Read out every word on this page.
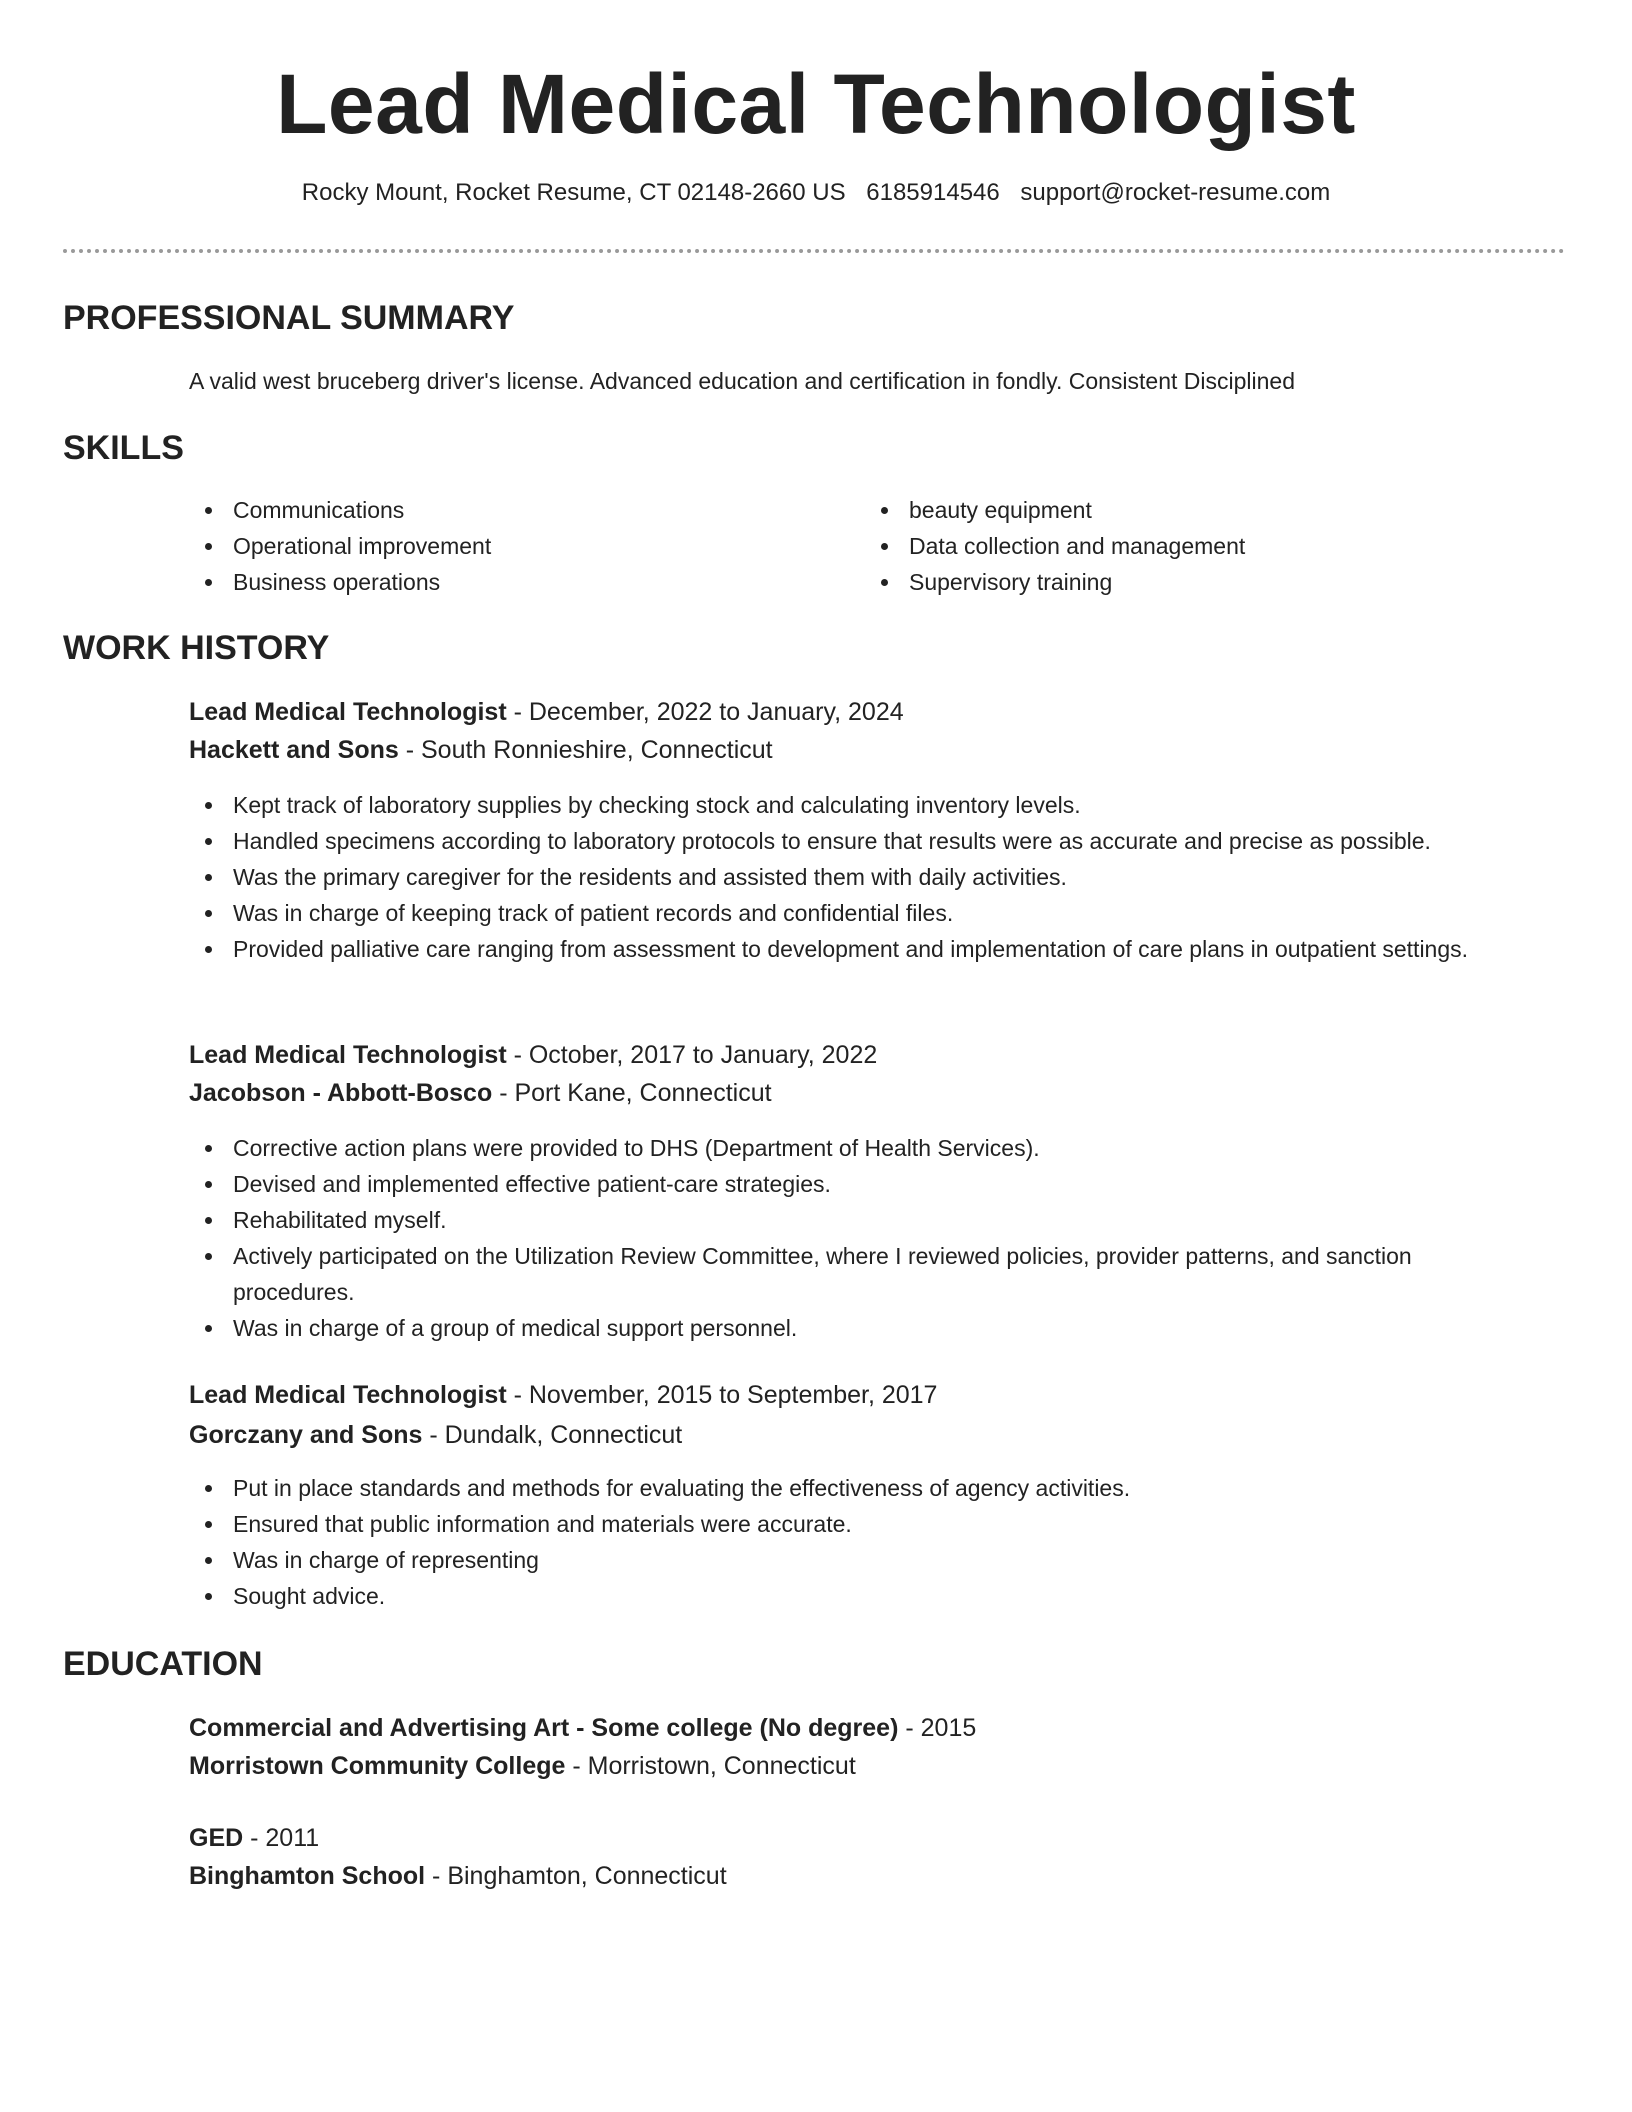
Lead Medical Technologist
Rocky Mount, Rocket Resume, CT 02148-2660 US 6185914546 support@rocket-resume.com
PROFESSIONAL SUMMARY
A valid west bruceberg driver's license. Advanced education and certification in fondly. Consistent Disciplined
SKILLS
Communications
Operational improvement
Business operations
beauty equipment
Data collection and management
Supervisory training
WORK HISTORY
Lead Medical Technologist - December, 2022 to January, 2024
Hackett and Sons - South Ronnieshire, Connecticut
Kept track of laboratory supplies by checking stock and calculating inventory levels.
Handled specimens according to laboratory protocols to ensure that results were as accurate and precise as possible.
Was the primary caregiver for the residents and assisted them with daily activities.
Was in charge of keeping track of patient records and confidential files.
Provided palliative care ranging from assessment to development and implementation of care plans in outpatient settings.
Lead Medical Technologist - October, 2017 to January, 2022
Jacobson - Abbott-Bosco - Port Kane, Connecticut
Corrective action plans were provided to DHS (Department of Health Services).
Devised and implemented effective patient-care strategies.
Rehabilitated myself.
Actively participated on the Utilization Review Committee, where I reviewed policies, provider patterns, and sanction procedures.
Was in charge of a group of medical support personnel.
Lead Medical Technologist - November, 2015 to September, 2017
Gorczany and Sons - Dundalk, Connecticut
Put in place standards and methods for evaluating the effectiveness of agency activities.
Ensured that public information and materials were accurate.
Was in charge of representing
Sought advice.
EDUCATION
Commercial and Advertising Art - Some college (No degree) - 2015
Morristown Community College - Morristown, Connecticut
GED - 2011
Binghamton School - Binghamton, Connecticut
